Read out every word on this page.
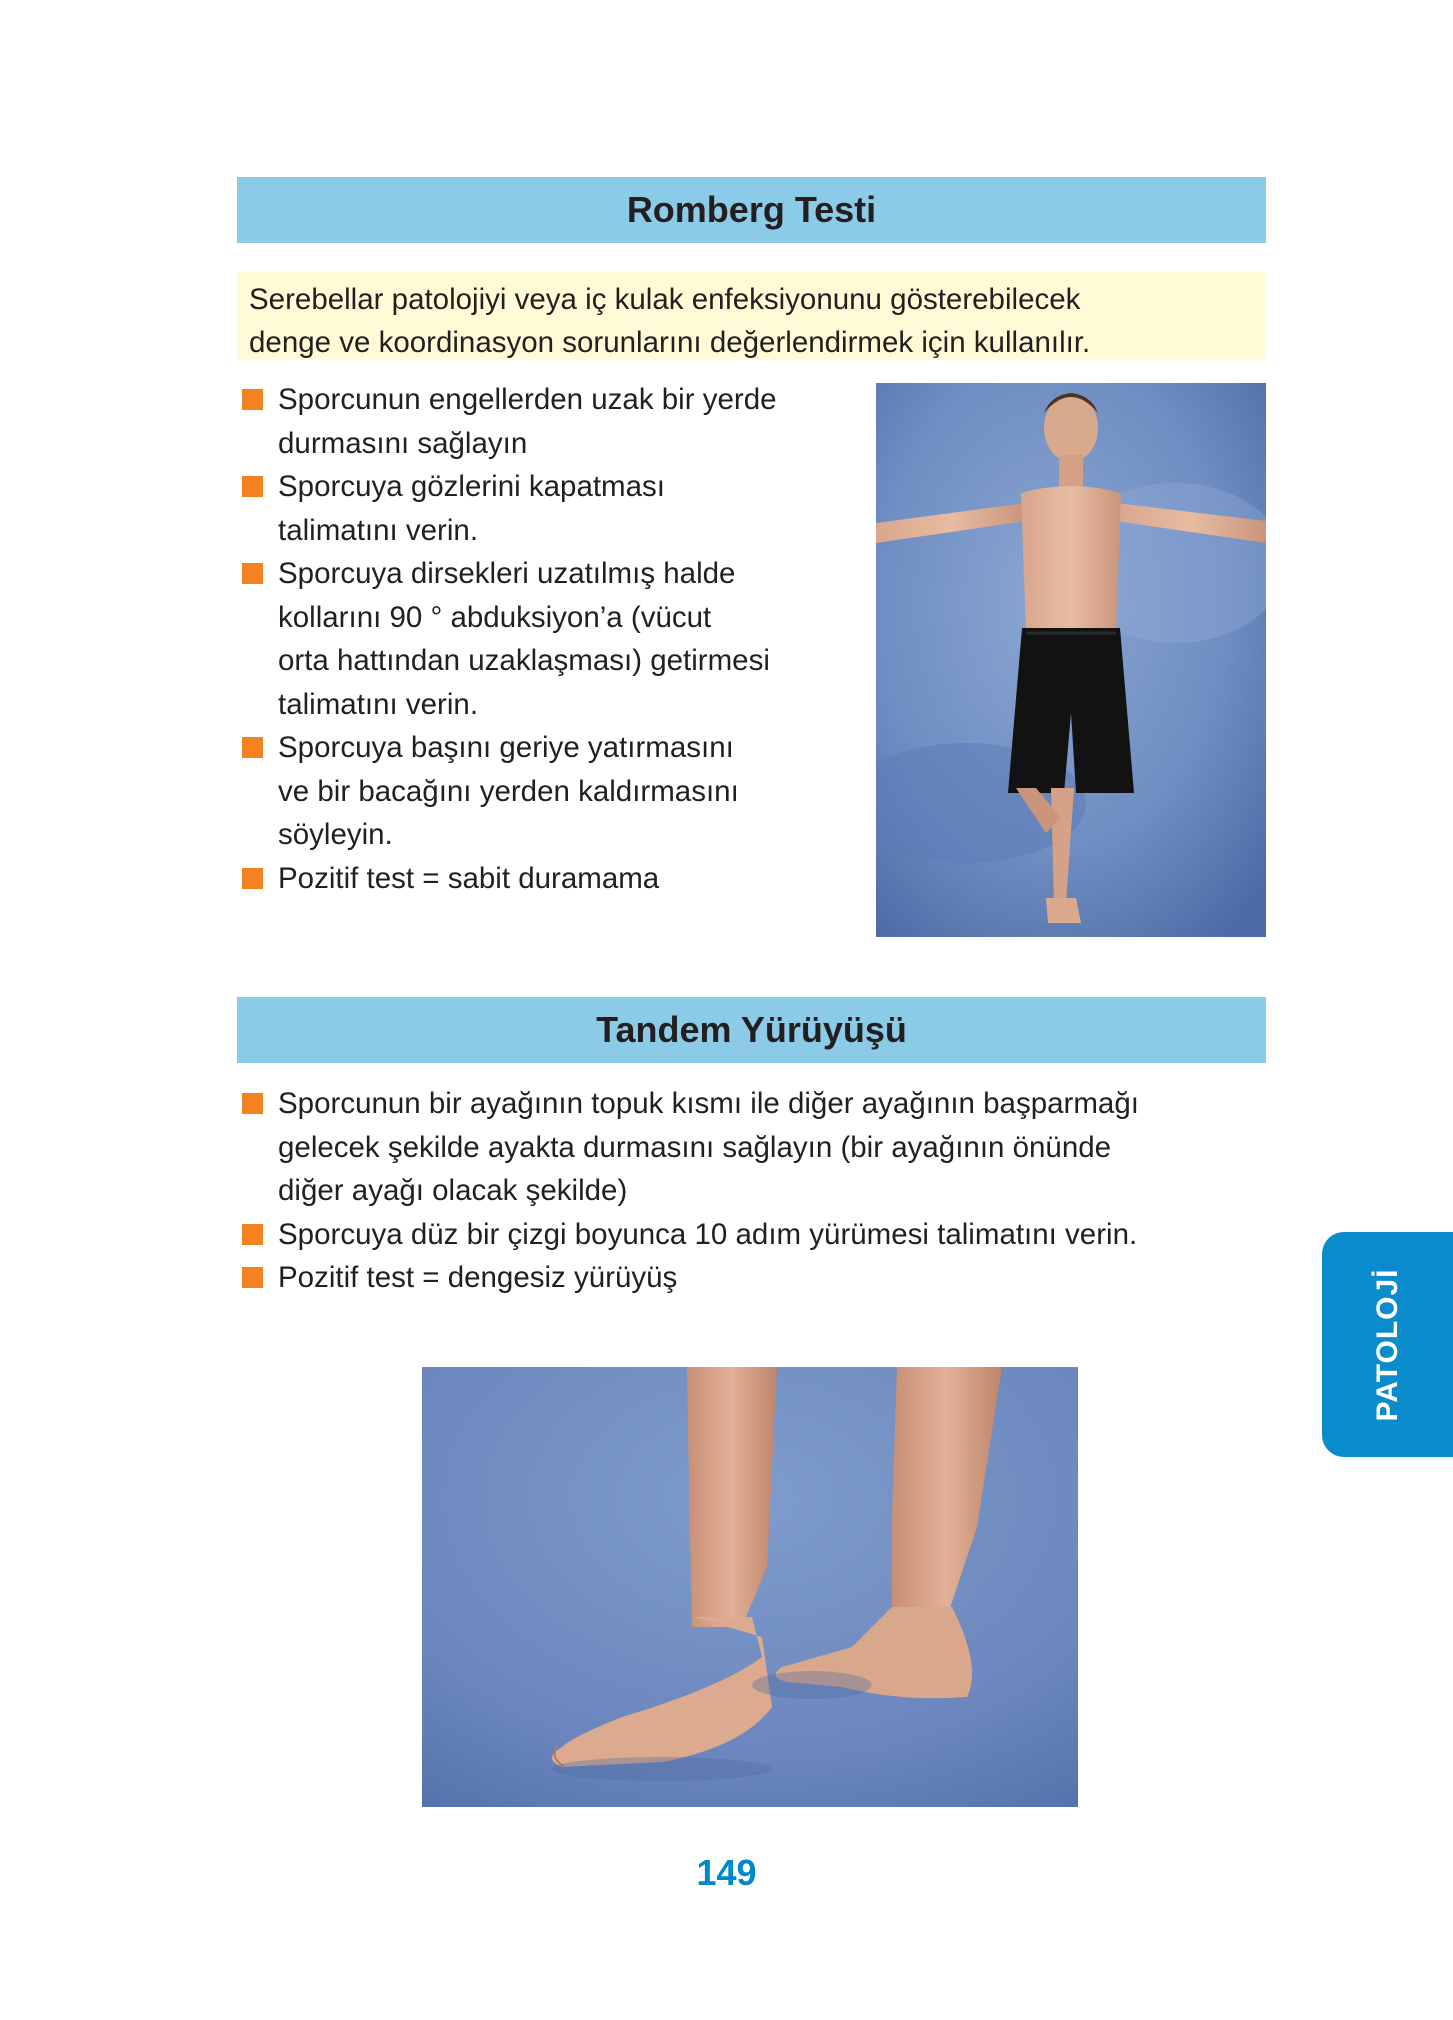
Romberg Testi
Serebellar patolojiyi veya iç kulak enfeksiyonunu gösterebilecek
denge ve koordinasyon sorunlarını değerlendirmek için kullanılır.
Sporcunun engellerden uzak bir yerde
durmasını sağlayın
Sporcuya gözlerini kapatması
talimatını verin.
Sporcuya dirsekleri uzatılmış halde
kollarını 90 ° abduksiyon’a (vücut
orta hattından uzaklaşması) getirmesi
talimatını verin.
Sporcuya başını geriye yatırmasını
ve bir bacağını yerden kaldırmasını
söyleyin.
Pozitif test = sabit duramama
Tandem Yürüyüşü
Sporcunun bir ayağının topuk kısmı ile diğer ayağının başparmağı
gelecek şekilde ayakta durmasını sağlayın (bir ayağının önünde
diğer ayağı olacak şekilde)
Sporcuya düz bir çizgi boyunca 10 adım yürümesi talimatını verin.
Pozitif test = dengesiz yürüyüş
149
PATOLOJİ
